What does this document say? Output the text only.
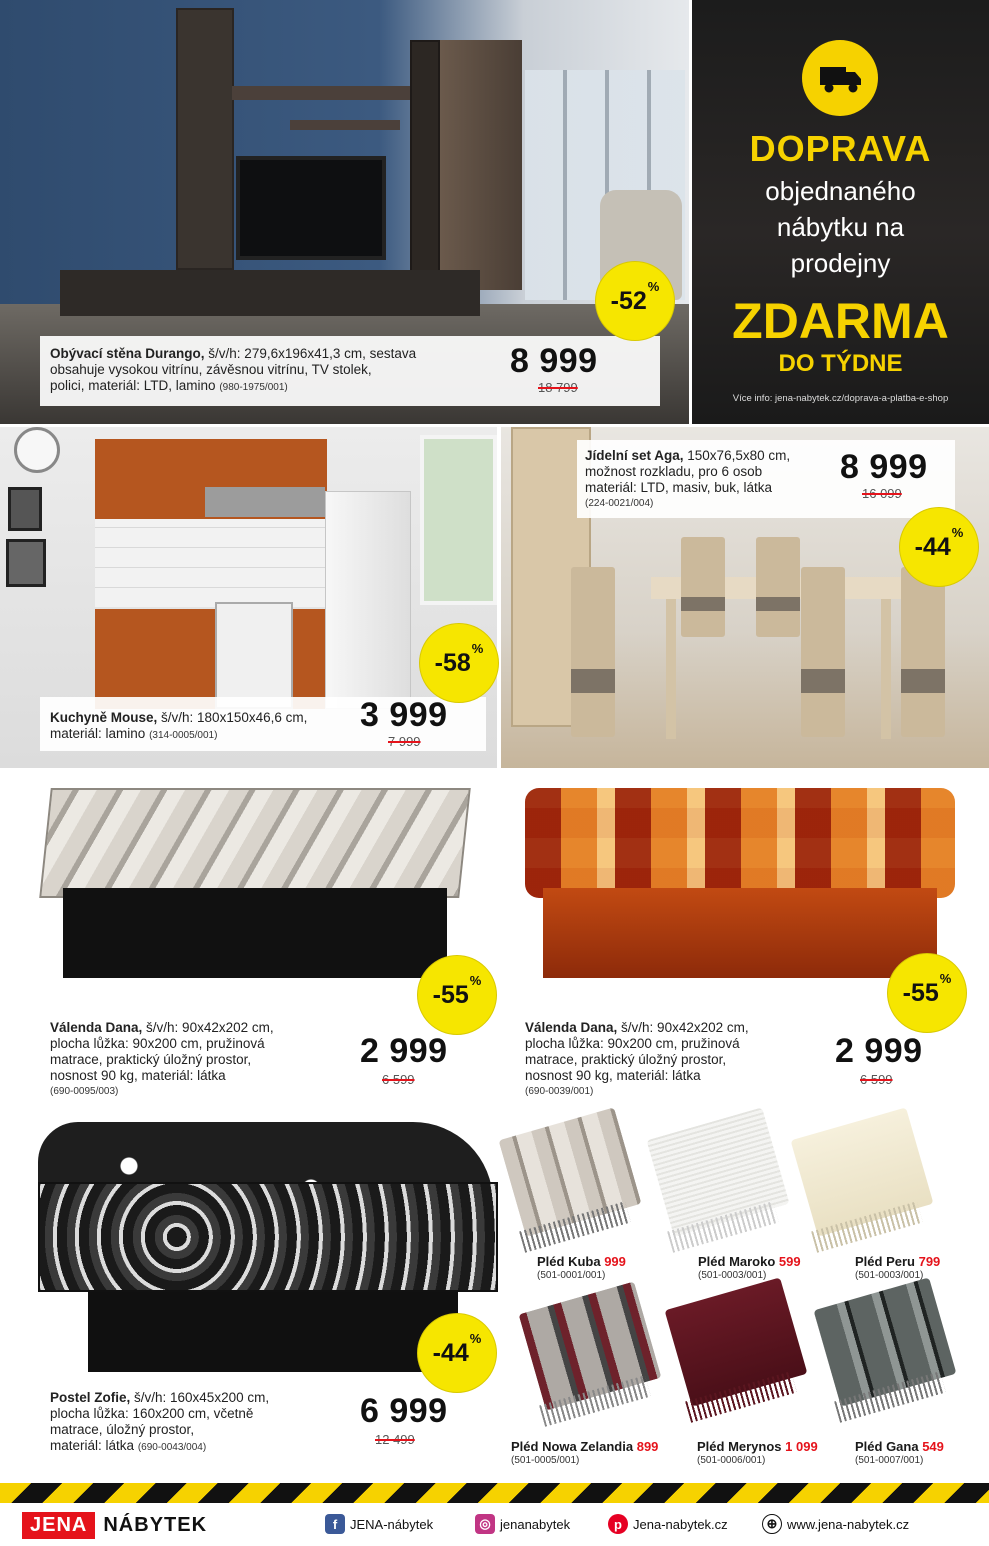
Obývací stěna Durango, š/v/h: 279,6x196x41,3 cm, sestava
obsahuje vysokou vitrínu, závěsnou vitrínu, TV stolek,
polici, materiál: LTD, lamino (980-1975/001)
8 999
18 799
-52%
DOPRAVA
objednaného
nábytku na
prodejny
ZDARMA
DO TÝDNE
Více info: jena-nabytek.cz/doprava-a-platba-e-shop
Kuchyně Mouse, š/v/h: 180x150x46,6 cm,
materiál: lamino (314-0005/001)
3 999
7 999
-58%
Jídelní set Aga, 150x76,5x80 cm,
možnost rozkladu, pro 6 osob
materiál: LTD, masiv, buk, látka
(224-0021/004)
8 999
16 099
-44%
Válenda Dana, š/v/h: 90x42x202 cm,
plocha lůžka: 90x200 cm, pružinová
matrace, praktický úložný prostor,
nosnost 90 kg, materiál: látka
(690-0095/003)
2 999
6 599
-55%
Válenda Dana, š/v/h: 90x42x202 cm,
plocha lůžka: 90x200 cm, pružinová
matrace, praktický úložný prostor,
nosnost 90 kg, materiál: látka
(690-0039/001)
2 999
6 599
-55%
Postel Zofie, š/v/h: 160x45x200 cm,
plocha lůžka: 160x200 cm, včetně
matrace, úložný prostor,
materiál: látka (690-0043/004)
6 999
12 499
-44%
Pléd Kuba 999
(501-0001/001)
Pléd Maroko 599
(501-0003/001)
Pléd Peru 799
(501-0003/001)
Pléd Nowa Zelandia 899
(501-0005/001)
Pléd Merynos 1 099
(501-0006/001)
Pléd Gana 549
(501-0007/001)
JENA NÁBYTEK	f JENA-nábytek	◎ jenanabytek	p Jena-nabytek.cz	⊕ www.jena-nabytek.cz
